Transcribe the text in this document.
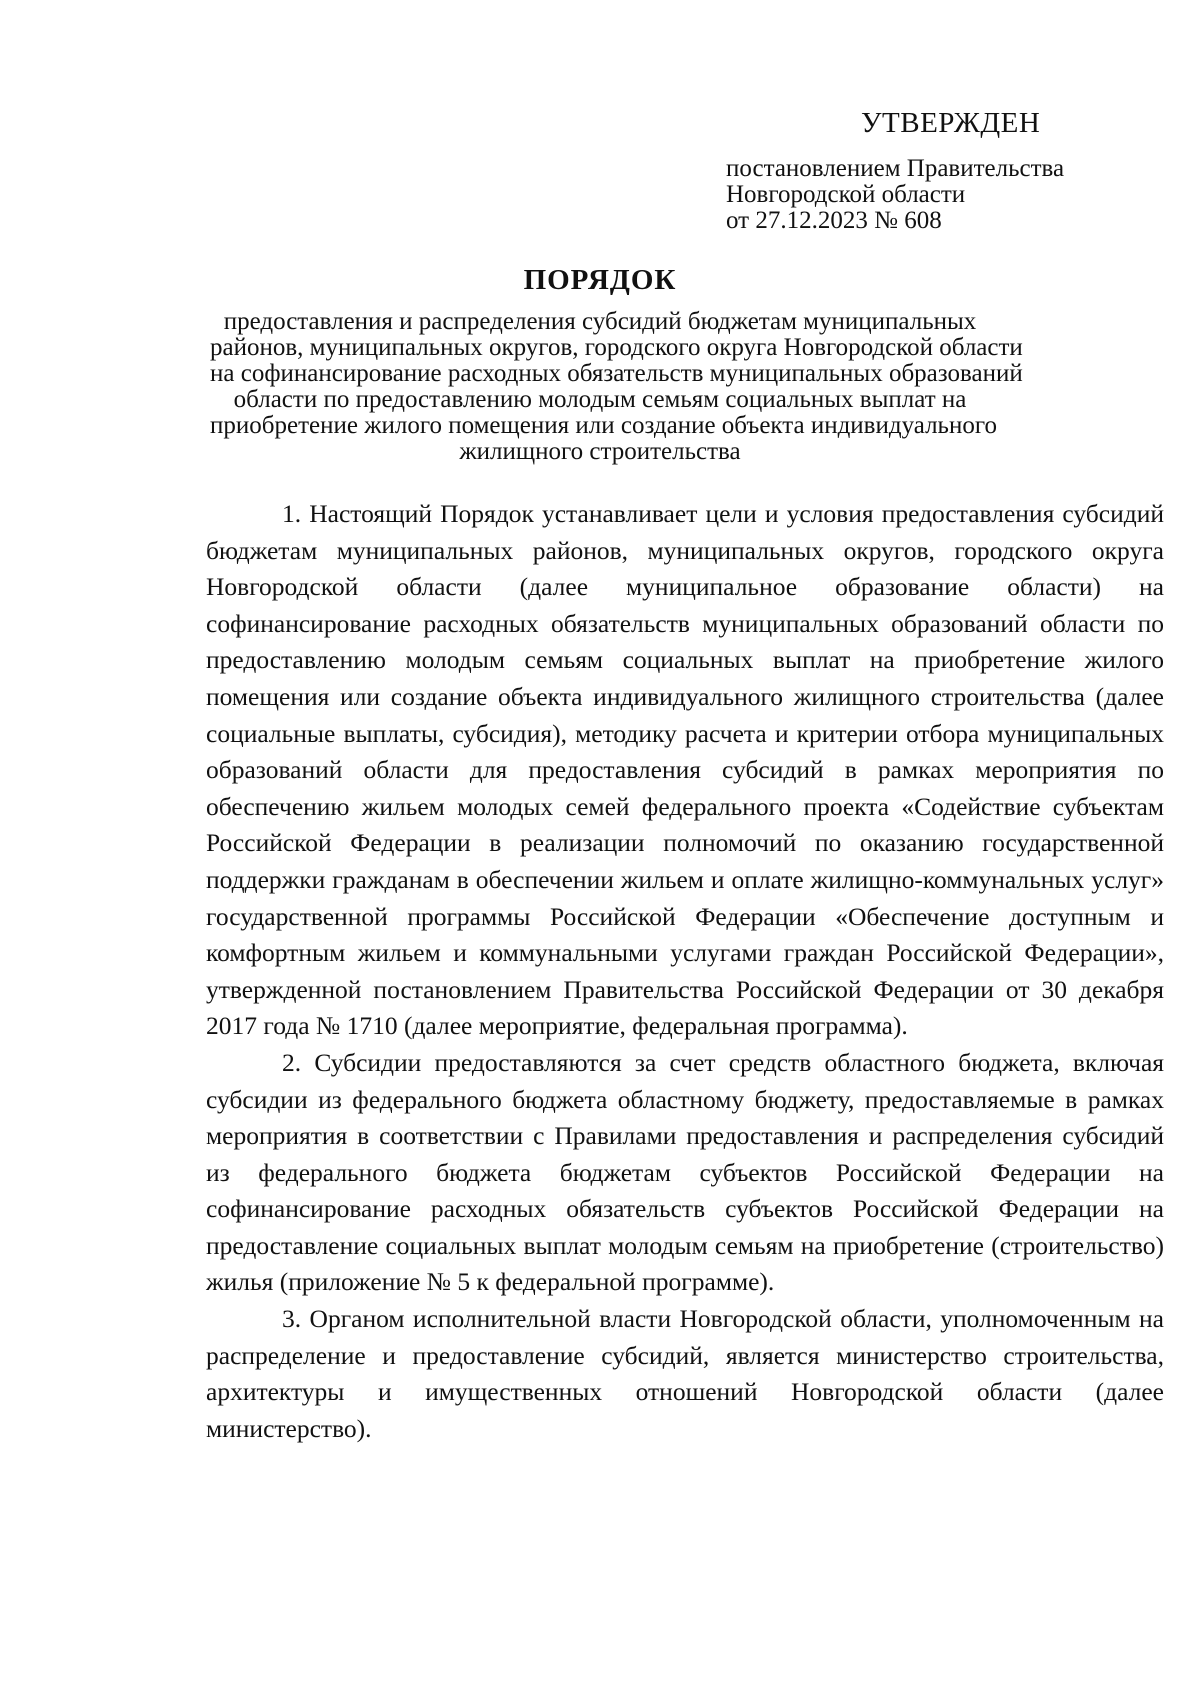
УТВЕРЖДЕН
постановлением Правительства
Новгородской области
от 27.12.2023 № 608
ПОРЯДОК
предоставления и распределения субсидий бюджетам муниципальных
районов, муниципальных округов, городского округа Новгородской области
на софинансирование расходных обязательств муниципальных образований
области по предоставлению молодым семьям социальных выплат на
приобретение жилого помещения или создание объекта индивидуального
жилищного строительства

1. Настоящий Порядок устанавливает цели и условия предоставления субсидий бюджетам муниципальных районов, муниципальных округов, городского округа Новгородской области (далее муниципальное образование области) на софинансирование расходных обязательств муниципальных образований области по предоставлению молодым семьям социальных выплат на приобретение жилого помещения или создание объекта индивидуального жилищного строительства (далее социальные выплаты, субсидия), методику расчета и критерии отбора муниципальных образований области для предоставления субсидий в рамках мероприятия по обеспечению жильем молодых семей федерального проекта «Содействие субъектам Российской Федерации в реализации полномочий по оказанию государственной поддержки гражданам в обеспечении жильем и оплате жилищно-коммунальных услуг» государственной программы Российской Федерации «Обеспечение доступным и комфортным жильем и коммунальными услугами граждан Российской Федерации», утвержденной постановлением Правительства Российской Федерации от 30 декабря 2017 года № 1710 (далее мероприятие, федеральная программа).

2. Субсидии предоставляются за счет средств областного бюджета, включая субсидии из федерального бюджета областному бюджету, предоставляемые в рамках мероприятия в соответствии с Правилами предоставления и распределения субсидий из федерального бюджета бюджетам субъектов Российской Федерации на софинансирование расходных обязательств субъектов Российской Федерации на предоставление социальных выплат молодым семьям на приобретение (строительство) жилья (приложение № 5 к федеральной программе).

3. Органом исполнительной власти Новгородской области, уполномоченным на распределение и предоставление субсидий, является министерство строительства, архитектуры и имущественных отношений Новгородской области (далее министерство).
